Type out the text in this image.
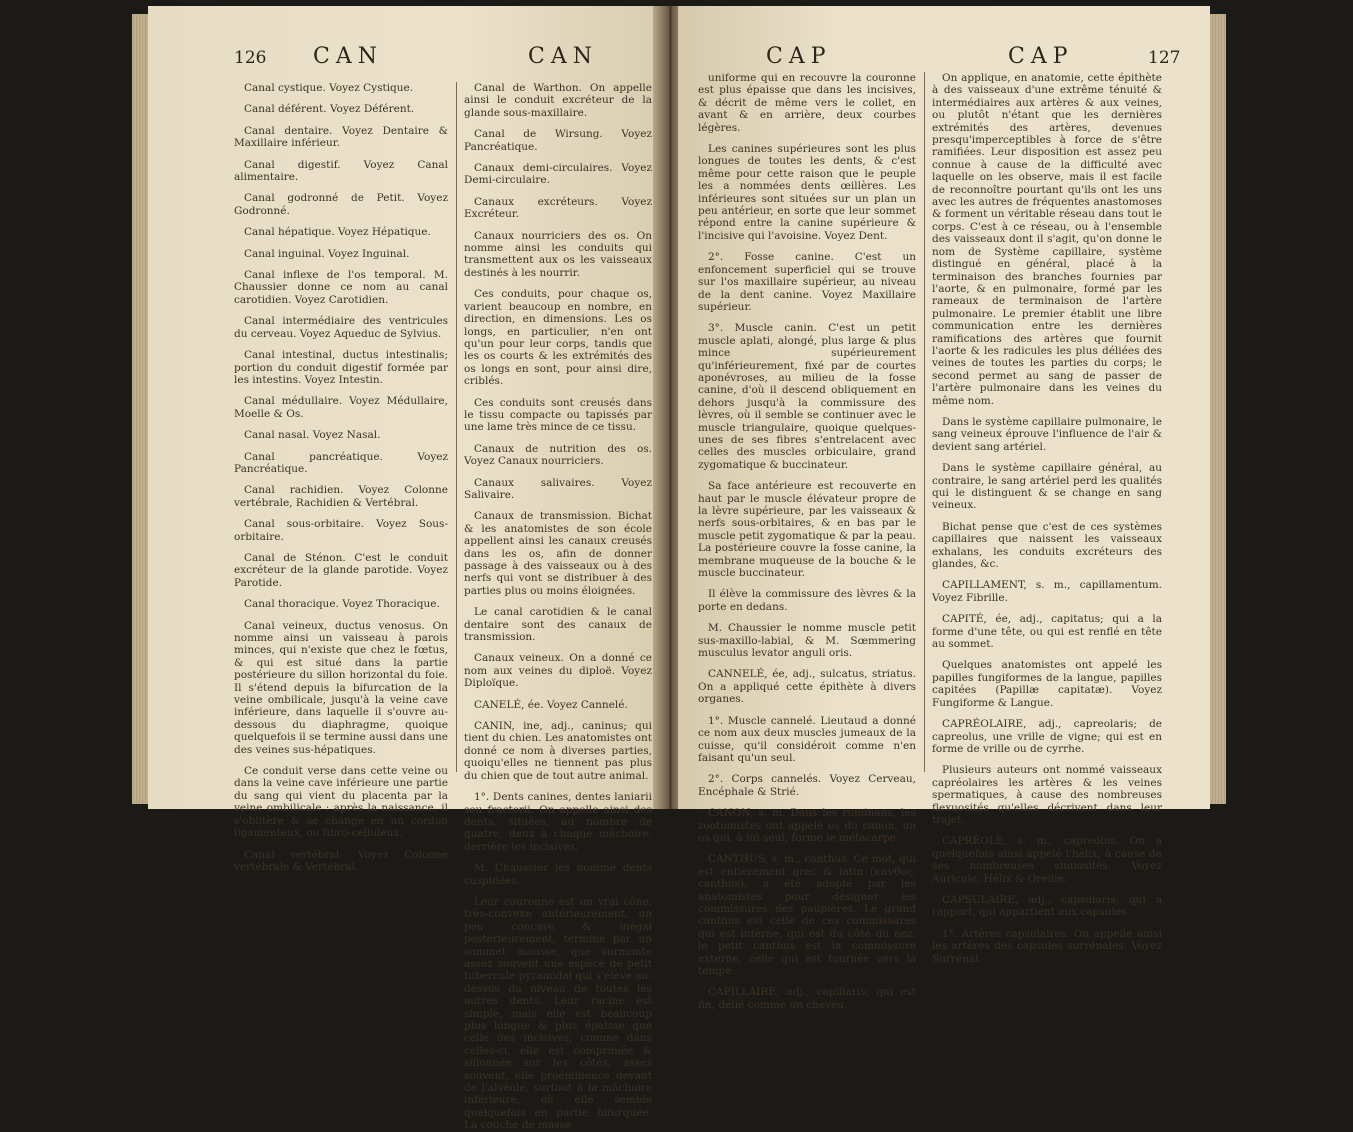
126 CAN	CAN

Canal cystique. Voyez Cystique.

Canal déférent. Voyez Déférent.

Canal dentaire. Voyez Dentaire & Maxillaire inférieur.

Canal digestif. Voyez Canal alimentaire.

Canal godronné de Petit. Voyez Godronné.

Canal hépatique. Voyez Hépatique.

Canal inguinal. Voyez Inguinal.

Canal inflexe de l'os temporal. M. Chaussier donne ce nom au canal carotidien. Voyez Carotidien.

Canal intermédiaire des ventricules du cerveau. Voyez Aqueduc de Sylvius.

Canal intestinal, ductus intestinalis; portion du conduit digestif formée par les intestins. Voyez Intestin.

Canal médullaire. Voyez Médullaire, Moelle & Os.

Canal nasal. Voyez Nasal.

Canal pancréatique. Voyez Pancréatique.

Canal rachidien. Voyez Colonne vertébrale, Rachidien & Vertébral.

Canal sous-orbitaire. Voyez Sous-orbitaire.

Canal de Sténon. C'est le conduit excréteur de la glande parotide. Voyez Parotide.

Canal thoracique. Voyez Thoracique.

Canal veineux, ductus venosus. On nomme ainsi un vaisseau à parois minces, qui n'existe que chez le fœtus, & qui est situé dans la partie postérieure du sillon horizontal du foie. Il s'étend depuis la bifurcation de la veine ombilicale, jusqu'à la veine cave inférieure, dans laquelle il s'ouvre au-dessous du diaphragme, quoique quelquefois il se termine aussi dans une des veines sus-hépatiques.

Ce conduit verse dans cette veine ou dans la veine cave inférieure une partie du sang qui vient du placenta par la veine ombilicale : après la naissance, il s'oblitère & se change en un cordon ligamenteux, ou fibro-celluleux.

Canal vertébral. Voyez Colonne vertébrale & Vertébral.

Canal de Warthon. On appelle ainsi le conduit excréteur de la glande sous-maxillaire.

Canal de Wirsung. Voyez Pancréatique.

Canaux demi-circulaires. Voyez Demi-circulaire.

Canaux excréteurs. Voyez Excréteur.

Canaux nourriciers des os. On nomme ainsi les conduits qui transmettent aux os les vaisseaux destinés à les nourrir.

Ces conduits, pour chaque os, varient beaucoup en nombre, en direction, en dimensions. Les os longs, en particulier, n'en ont qu'un pour leur corps, tandis que les os courts & les extrémités des os longs en sont, pour ainsi dire, criblés.

Ces conduits sont creusés dans le tissu compacte ou tapissés par une lame très mince de ce tissu.

Canaux de nutrition des os. Voyez Canaux nourriciers.

Canaux salivaires. Voyez Salivaire.

Canaux de transmission. Bichat & les anatomistes de son école appellent ainsi les canaux creusés dans les os, afin de donner passage à des vaisseaux ou à des nerfs qui vont se distribuer à des parties plus ou moins éloignées.

Le canal carotidien & le canal dentaire sont des canaux de transmission.

Canaux veineux. On a donné ce nom aux veines du diploë. Voyez Diploïque.

CANELÉ, ée. Voyez Cannelé.

CANIN, ine, adj., caninus; qui tient du chien. Les anatomistes ont donné ce nom à diverses parties, quoiqu'elles ne tiennent pas plus du chien que de tout autre animal.

1°. Dents canines, dentes laniarii seu fractorii. On appelle ainsi des dents, situées, au nombre de quatre, deux à chaque mâchoire, derrière les incisives.

M. Chaussier les nomme dents cuspidées.

Leur couronne est un vrai cône, très-convexe antérieurement, un peu concave & inégal postérieurement, terminé par un sommet mousse, que surmonte assez souvent une espèce de petit tubercule pyramidal qui s'élève au-dessus du niveau de toutes les autres dents. Leur racine est simple, mais elle est beaucoup plus longue & plus épaisse que celle des incisives; comme dans celles-ci, elle est comprimée & sillonnée sur les côtés; assez souvent, elle proéminence devant de l'alvéole, surtout à la mâchoire inférieure, où elle semble quelquefois en partie bifurquée. La couche de masse

CAP	CAP	127

uniforme qui en recouvre la couronne est plus épaisse que dans les incisives, & décrit de même vers le collet, en avant & en arrière, deux courbes légères.

Les canines supérieures sont les plus longues de toutes les dents, & c'est même pour cette raison que le peuple les a nommées dents œillères. Les inférieures sont situées sur un plan un peu antérieur, en sorte que leur sommet répond entre la canine supérieure & l'incisive qui l'avoisine. Voyez Dent.

2°. Fosse canine. C'est un enfoncement superficiel qui se trouve sur l'os maxillaire supérieur, au niveau de la dent canine. Voyez Maxillaire supérieur.

3°. Muscle canin. C'est un petit muscle aplati, alongé, plus large & plus mince supérieurement qu'inférieurement, fixé par de courtes aponévroses, au milieu de la fosse canine, d'où il descend obliquement en dehors jusqu'à la commissure des lèvres, où il semble se continuer avec le muscle triangulaire, quoique quelques-unes de ses fibres s'entrelacent avec celles des muscles orbiculaire, grand zygomatique & buccinateur.

Sa face antérieure est recouverte en haut par le muscle élévateur propre de la lèvre supérieure, par les vaisseaux & nerfs sous-orbitaires, & en bas par le muscle petit zygomatique & par la peau. La postérieure couvre la fosse canine, la membrane muqueuse de la bouche & le muscle buccinateur.

Il élève la commissure des lèvres & la porte en dedans.

M. Chaussier le nomme muscle petit sus-maxillo-labial, & M. Sœmmering musculus levator anguli oris.

CANNELÉ, ée, adj., sulcatus, striatus. On a appliqué cette épithète à divers organes.

1°. Muscle cannelé. Lieutaud a donné ce nom aux deux muscles jumeaux de la cuisse, qu'il considéroit comme n'en faisant qu'un seul.

2°. Corps cannelés. Voyez Cerveau, Encéphale & Strié.

CANON, s. m. Dans les ruminans, les zootomistes ont appelé os du canon, un os qui, à lui seul, forme le métacarpe.

CANTHUS, s. m., canthus. Ce mot, qui est entièrement grec & latin (κανθος, canthus), a été adopté par les anatomistes pour désigner les commissures des paupières. Le grand canthus est celle de ces commissures qui est interne, qui est du côté du nez; le petit canthus est la commissure externe, celle qui est tournée vers la tempe.

CAPILLAIRE, adj., capillaris; qui est fin, délié comme un cheveu.

On applique, en anatomie, cette épithète à des vaisseaux d'une extrême ténuité & intermédiaires aux artères & aux veines, ou plutôt n'étant que les dernières extrémités des artères, devenues presqu'imperceptibles à force de s'être ramifiées. Leur disposition est assez peu connue à cause de la difficulté avec laquelle on les observe, mais il est facile de reconnoître pourtant qu'ils ont les uns avec les autres de fréquentes anastomoses & forment un véritable réseau dans tout le corps. C'est à ce réseau, ou à l'ensemble des vaisseaux dont il s'agit, qu'on donne le nom de Système capillaire, système distingué en général, placé à la terminaison des branches fournies par l'aorte, & en pulmonaire, formé par les rameaux de terminaison de l'artère pulmonaire. Le premier établit une libre communication entre les dernières ramifications des artères que fournit l'aorte & les radicules les plus déliées des veines de toutes les parties du corps; le second permet au sang de passer de l'artère pulmonaire dans les veines du même nom.

Dans le système capillaire pulmonaire, le sang veineux éprouve l'influence de l'air & devient sang artériel.

Dans le système capillaire général, au contraire, le sang artériel perd les qualités qui le distinguent & se change en sang veineux.

Bichat pense que c'est de ces systèmes capillaires que naissent les vaisseaux exhalans, les conduits excréteurs des glandes, &c.

CAPILLAMENT, s. m., capillamentum. Voyez Fibrille.

CAPITÉ, ée, adj., capitatus; qui a la forme d'une tête, ou qui est renflé en tête au sommet.

Quelques anatomistes ont appelé les papilles fungiformes de la langue, papilles capitées (Papillæ capitatæ). Voyez Fungiforme & Langue.

CAPRÉOLAIRE, adj., capreolaris; de capreolus, une vrille de vigne; qui est en forme de vrille ou de cyrrhe.

Plusieurs auteurs ont nommé vaisseaux capréolaires les artères & les veines spermatiques, à cause des nombreuses flexuosités qu'elles décrivent dans leur trajet.

CAPRÉOLE, s. m., capreolus. On a quelquefois ainsi appelé l'hélix, à cause de ses nombreuses sinuosités. Voyez Auricule, Hélix & Oreille.

CAPSULAIRE, adj., capsularis; qui a rapport, qui appartient aux capsules.

1°. Artères capsulaires. On appelle ainsi les artères des capsules surrénales. Voyez Surrénal.
